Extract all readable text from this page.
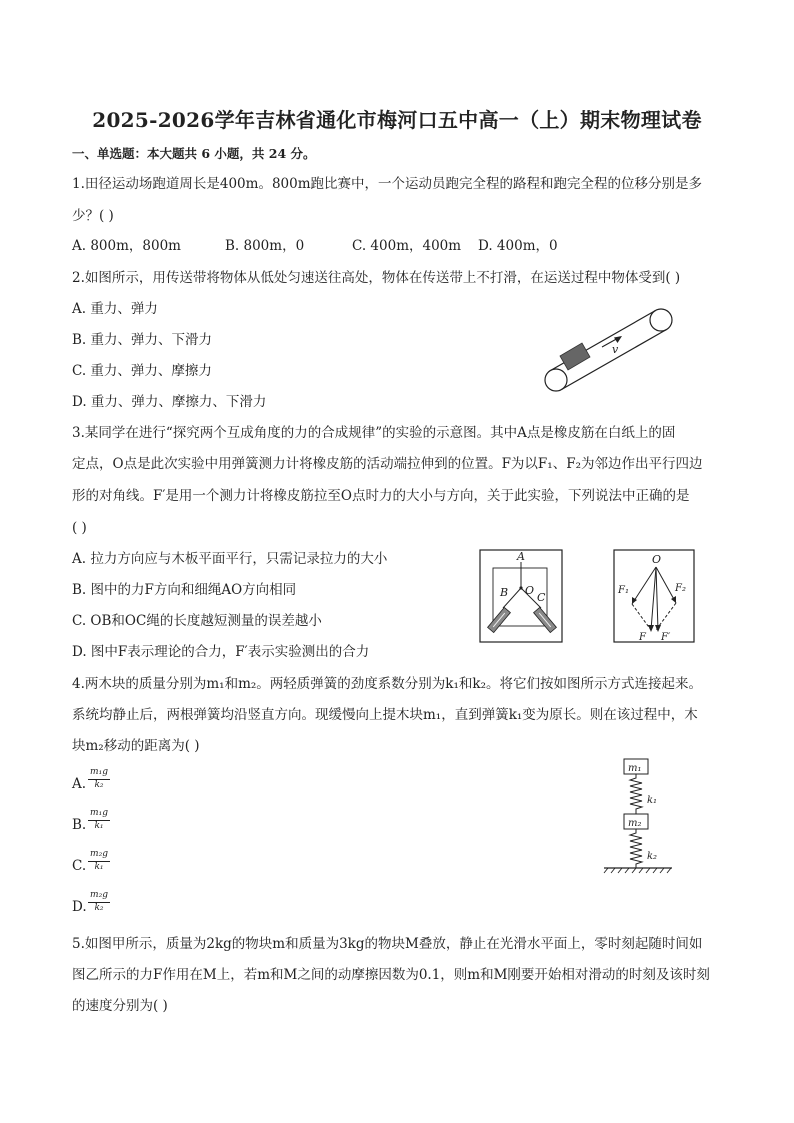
2025-2026学年吉林省通化市梅河口五中高一（上）期末物理试卷
一、单选题：本大题共 6 小题，共 24 分。
1.田径运动场跑道周长是400m。800m跑比赛中，一个运动员跑完全程的路程和跑完全程的位移分别是多
少？( )
A. 800m，800m	B. 800m，0	C. 400m，400m D. 400m，0
2.如图所示，用传送带将物体从低处匀速送往高处，物体在传送带上不打滑，在运送过程中物体受到( )
A. 重力、弹力
B. 重力、弹力、下滑力
C. 重力、弹力、摩擦力
D. 重力、弹力、摩擦力、下滑力
v
3.某同学在进行“探究两个互成角度的力的合成规律”的实验的示意图。其中A点是橡皮筋在白纸上的固
定点，O点是此次实验中用弹簧测力计将橡皮筋的活动端拉伸到的位置。F为以F₁、F₂为邻边作出平行四边
形的对角线。F′是用一个测力计将橡皮筋拉至O点时力的大小与方向，关于此实验，下列说法中正确的是
( )
A. 拉力方向应与木板平面平行，只需记录拉力的大小
B. 图中的力F方向和细绳AO方向相同
C. OB和OC绳的长度越短测量的误差越小
D. 图中F表示理论的合力，F′表示实验测出的合力
A
B O
C
O
F₁	F₂
F F′
4.两木块的质量分别为m₁和m₂。两轻质弹簧的劲度系数分别为k₁和k₂。将它们按如图所示方式连接起来。
系统均静止后，两根弹簧均沿竖直方向。现缓慢向上提木块m₁，直到弹簧k₁变为原长。则在该过程中，木
块m₂移动的距离为( )
A.
m₁g
k₂
B.
m₁g
k₁
C.
m₂g
k₁
D.
m₂g
k₂
m₁
k₁
m₂
k₂
5.如图甲所示，质量为2kg的物块m和质量为3kg的物块M叠放，静止在光滑水平面上，零时刻起随时间如
图乙所示的力F作用在M上，若m和M之间的动摩擦因数为0.1，则m和M刚要开始相对滑动的时刻及该时刻
的速度分别为( )
